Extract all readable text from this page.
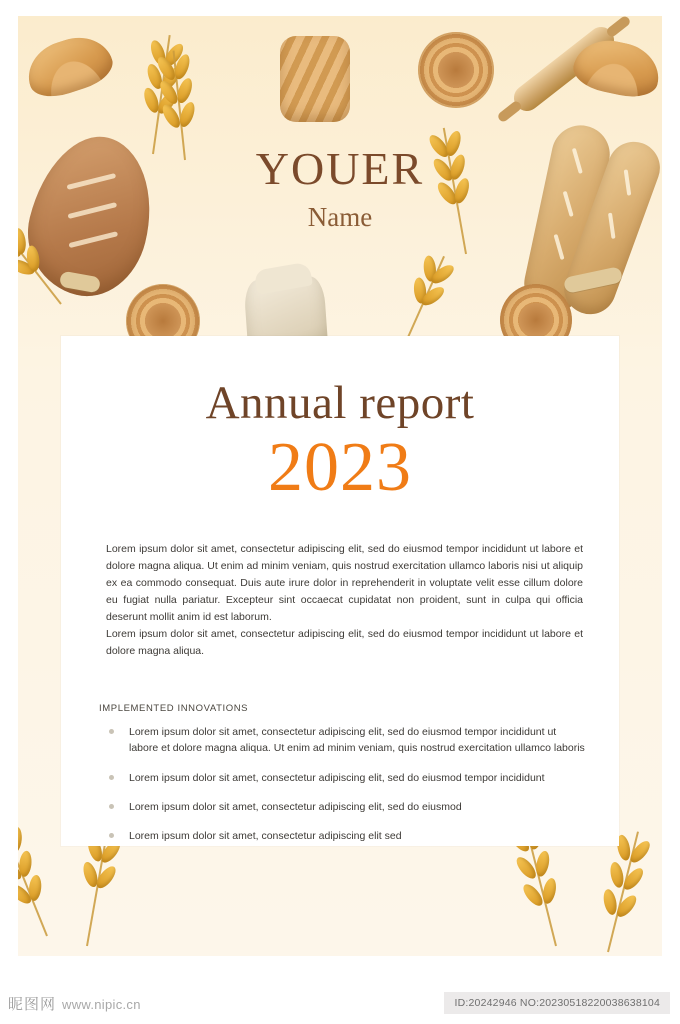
YOUER
Name
Annual report
2023

Lorem ipsum dolor sit amet, consectetur adipiscing elit, sed do eiusmod tempor incididunt ut labore et dolore magna aliqua. Ut enim ad minim veniam, quis nostrud exercitation ullamco laboris nisi ut aliquip ex ea commodo consequat. Duis aute irure dolor in reprehenderit in voluptate velit esse cillum dolore eu fugiat nulla pariatur. Excepteur sint occaecat cupidatat non proident, sunt in culpa qui officia deserunt mollit anim id est laborum.

Lorem ipsum dolor sit amet, consectetur adipiscing elit, sed do eiusmod tempor incididunt ut labore et dolore magna aliqua.

IMPLEMENTED INNOVATIONS
Lorem ipsum dolor sit amet, consectetur adipiscing elit, sed do eiusmod tempor incididunt ut labore et dolore magna aliqua. Ut enim ad minim veniam, quis nostrud exercitation ullamco laboris
Lorem ipsum dolor sit amet, consectetur adipiscing elit, sed do eiusmod tempor incididunt
Lorem ipsum dolor sit amet, consectetur adipiscing elit, sed do eiusmod
Lorem ipsum dolor sit amet, consectetur adipiscing elit sed
昵图网 www.nipic.cn	ID:20242946 NO:20230518220038638104
